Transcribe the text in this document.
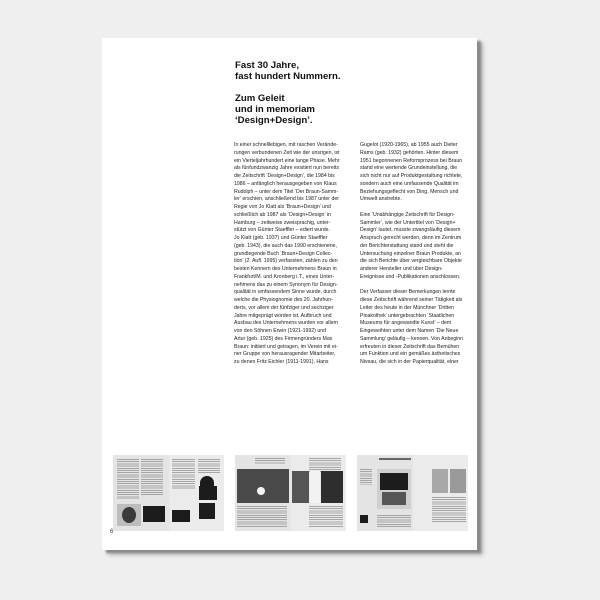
Fast 30 Jahre,
fast hundert Nummern.
Zum Geleit
und in memoriam
‘Design+Design’.
In einer schnelllebigen, mit raschen Verände-
rungen verbundenen Zeit wie der unsrigen, ist
ein Vierteljahrhundert eine lange Phase. Mehr
als fünfundzwanzig Jahre existiert nun bereits
die Zeitschrift ‘Design+Design’, die 1984 bis
1986 – anfänglich herausgegeben von Klaus
Rudolph – unter dem Titel ‘Der Braun-Samm-
ler’ erschien, anschließend bis 1987 unter der
Regie von Jo Klatt als ‘Braun+Design’ und
schließlich ab 1987 als ‘Design+Design’ in
Hamburg – zeitweise zweisprachig, unter-
stützt von Günter Staeffler – ediert wurde.
Jo Klatt (geb. 1937) und Günter Staeffler
(geb. 1943), die auch das 1990 erschienene,
grundlegende Buch ‘Braun+Design Collec-
tion’ (2. Aufl. 1995) verfassten, zählen zu den
besten Kennern des Unternehmens Braun in
Frankfurt/M. und Kronberg i.T., eines Unter-
nehmens das zu einem Synonym für Design-
qualität in umfassendem Sinne wurde, durch
welche die Physiognomie des 20. Jahrhun-
derts, vor allem der fünfziger und sechziger
Jahre mitgeprägt worden ist. Aufbruch und
Ausbau des Unternehmens wurden vor allem
von den Söhnen Erwin (1921-1992) und
Artur (geb. 1925) des Firmengründers Max
Braun: initiiert und getragen, im Verein mit ei-
ner Gruppe von herausragender Mitarbeiter,
zu denen Fritz Eichler (1911-1991), Hans
Gugelot (1920-1965), ab 1955 auch Dieter
Rams (geb. 1932) gehörten. Hinter diesem
1951 begonnenen Reformprozess bei Braun
stand eine wertende Grundeinstellung, die
sich nicht nur auf Produktgestaltung richtete,
sondern auch eine umfassende Qualität im
Beziehungsgeflecht von Ding, Mensch und
Umwelt anstrebte.
Eine ‘Unabhängige Zeitschrift für Design-
Sammler’, wie der Untertitel von ‘Design+
Design’ lautet, musste zwangsläufig diesem
Anspruch gerecht werden, denn im Zentrum
der Berichterstattung stand und steht die
Untersuchung einzelner Braun Produkte, an
die sich Berichte über vergleichbare Objekte
anderer Hersteller und über Design-
Ereignisse und -Publikationen anschlossen.
Der Verfasser dieser Bemerkungen lernte
diese Zeitschrift während seiner Tätigkeit als
Leiter des heute in der Münchner ‘Dritten
Pinakothek’ untergebrachten ‘Staatlichen
Museums für angewandte Kunst’ – dem
Eingeweihten unter dem Namen ‘Die Neue
Sammlung’ geläufig – kennen. Von Anbeginn
erfreuten in dieser Zeitschrift das Bemühen
um Funktion und ein gemäßes ästhetisches
Niveau, die sich in der Papierqualität, einer
6
